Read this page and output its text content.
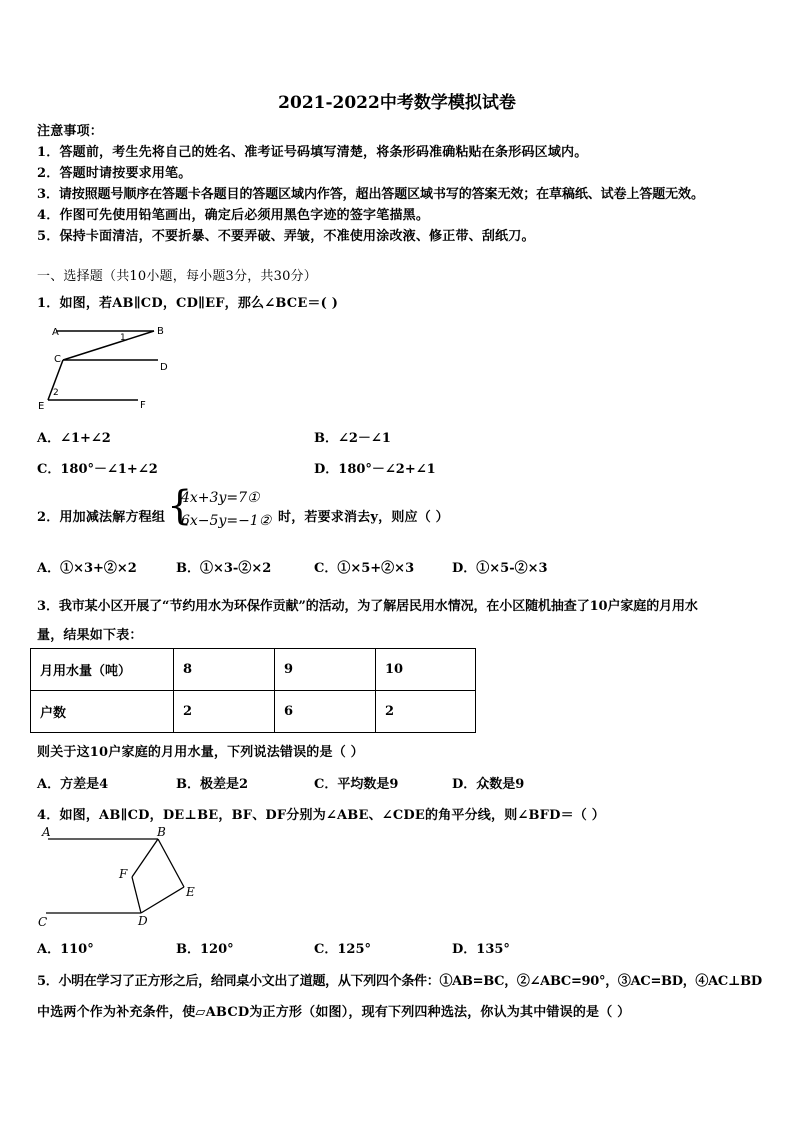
2021-2022中考数学模拟试卷
注意事项：
1．答题前，考生先将自己的姓名、准考证号码填写清楚，将条形码准确粘贴在条形码区域内。
2．答题时请按要求用笔。
3．请按照题号顺序在答题卡各题目的答题区域内作答，超出答题区域书写的答案无效；在草稿纸、试卷上答题无效。
4．作图可先使用铅笔画出，确定后必须用黑色字迹的签字笔描黑。
5．保持卡面清洁，不要折暴、不要弄破、弄皱，不准使用涂改液、修正带、刮纸刀。
一、选择题（共10小题，每小题3分，共30分）
1．如图，若AB∥CD，CD∥EF，那么∠BCE＝( )
A	B
C
D
E	F
1
2
A．∠1+∠2	B．∠2－∠1
C．180°－∠1+∠2	D．180°－∠2+∠1
2．用加减法解方程组 {
4x+3y=7①
6x−5y=−1② 时，若要求消去y，则应（ ）
A．①×3+②×2	B．①×3-②×2	C．①×5+②×3	D．①×5-②×3
3．我市某小区开展了“节约用水为环保作贡献”的活动，为了解居民用水情况，在小区随机抽查了10户家庭的月用水
量，结果如下表：
月用水量（吨）	8	9	10
户数	2	6	2
则关于这10户家庭的月用水量，下列说法错误的是（ ）
A．方差是4	B．极差是2	C．平均数是9	D．众数是9
4．如图，AB∥CD，DE⊥BE，BF、DF分别为∠ABE、∠CDE的角平分线，则∠BFD＝（ ）
A	B
C	D
E
F
A．110°	B．120°	C．125°	D．135°
5．小明在学习了正方形之后，给同桌小文出了道题，从下列四个条件：①AB=BC，②∠ABC=90°，③AC=BD，④AC⊥BD
中选两个作为补充条件，使▱ABCD为正方形（如图），现有下列四种选法，你认为其中错误的是（ ）
